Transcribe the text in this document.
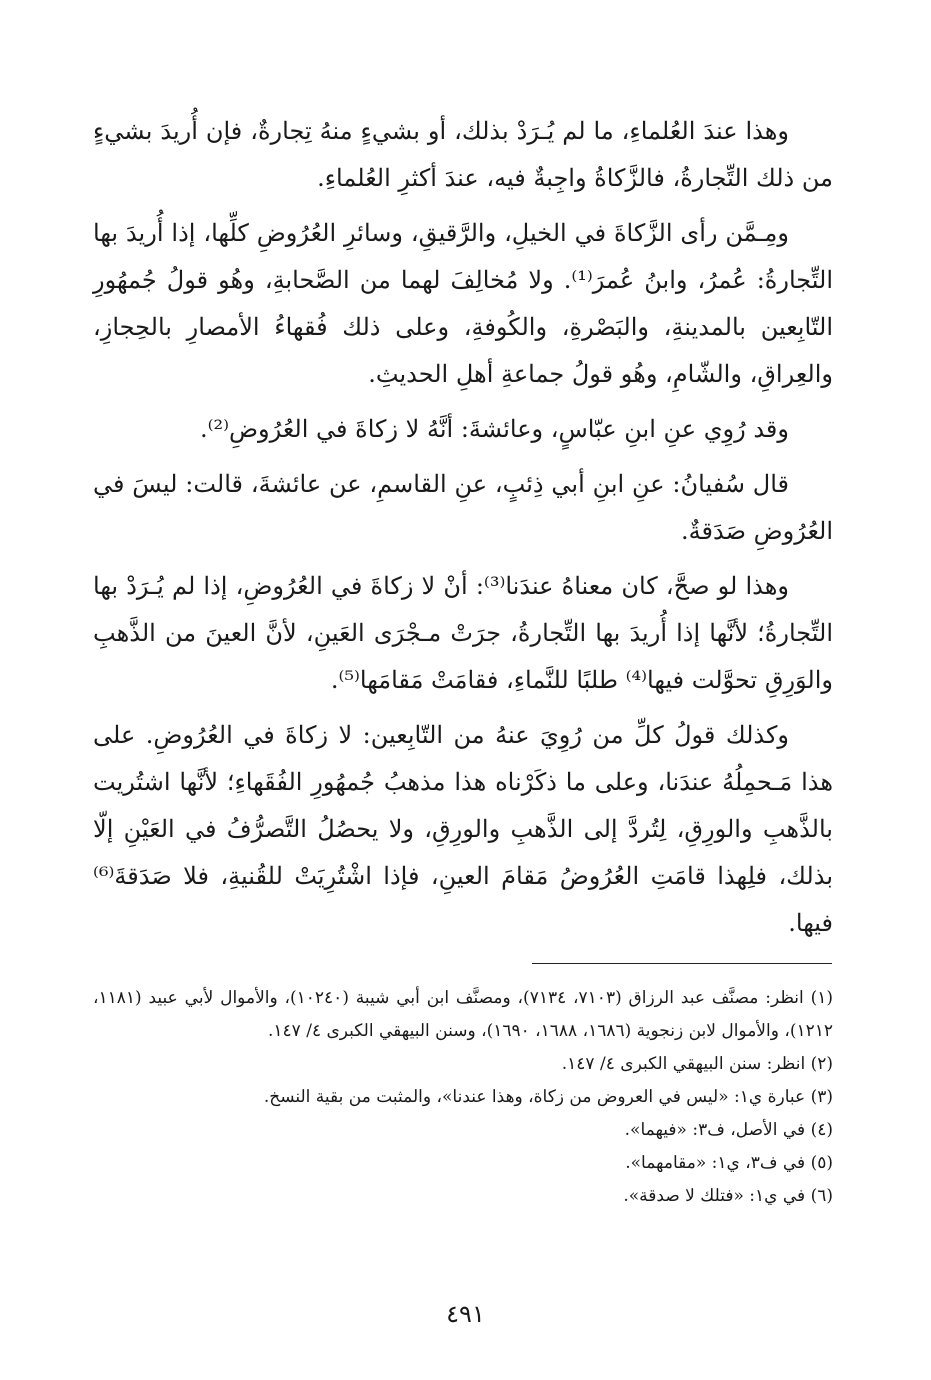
وهذا عندَ العُلماءِ، ما لم يُـرَدْ بذلك، أو بشيءٍ منهُ تِجارةٌ، فإن أُريدَ بشيءٍ من ذلك التِّجارةُ، فالزَّكاةُ واجِبةٌ فيه، عندَ أكثرِ العُلماءِ.

ومِـمَّن رأى الزَّكاةَ في الخيلِ، والرَّقيقِ، وسائرِ العُرُوضِ كلِّها، إذا أُريدَ بها التِّجارةُ: عُمرُ، وابنُ عُمرَ⁽¹⁾. ولا مُخالِفَ لهما من الصَّحابةِ، وهُو قولُ جُمهُورِ التّابِعين بالمدينةِ، والبَصْرةِ، والكُوفةِ، وعلى ذلك فُقهاءُ الأمصارِ بالحِجازِ، والعِراقِ، والشّامِ، وهُو قولُ جماعةِ أهلِ الحديثِ.

وقد رُوِي عنِ ابنِ عبّاسٍ، وعائشةَ: أنَّهُ لا زكاةَ في العُرُوضِ⁽²⁾.

قال سُفيانُ: عنِ ابنِ أبي ذِئبٍ، عنِ القاسمِ، عن عائشةَ، قالت: ليسَ في العُرُوضِ صَدَقةٌ.

وهذا لو صحَّ، كان معناهُ عندَنا⁽³⁾: أنْ لا زكاةَ في العُرُوضِ، إذا لم يُـرَدْ بها التِّجارةُ؛ لأنَّها إذا أُريدَ بها التِّجارةُ، جرَتْ مـجْرَى العَينِ، لأنَّ العينَ من الذَّهبِ والوَرِقِ تحوَّلت فيها⁽⁴⁾ طلبًا للنَّماءِ، فقامَتْ مَقامَها⁽⁵⁾.

وكذلك قولُ كلِّ من رُوِيَ عنهُ من التّابِعين: لا زكاةَ في العُرُوضِ. على هذا مَـحمِلُهُ عندَنا، وعلى ما ذكَرْناه هذا مذهبُ جُمهُورِ الفُقَهاءِ؛ لأنَّها اشتُريت بالذَّهبِ والورِقِ، لِتُردَّ إلى الذَّهبِ والورِقِ، ولا يحصُلُ التَّصرُّفُ في العَيْنِ إلّا بذلك، فلِهذا قامَتِ العُرُوضُ مَقامَ العينِ، فإذا اشْتُرِيَتْ للقُنيةِ، فلا صَدَقةَ⁽⁶⁾ فيها.

(١) انظر: مصنَّف عبد الرزاق (٧١٠٣، ٧١٣٤)، ومصنَّف ابن أبي شيبة (١٠٢٤٠)، والأموال لأبي عبيد (١١٨١، ١٢١٢)، والأموال لابن زنجوية (١٦٨٦، ١٦٨٨، ١٦٩٠)، وسنن البيهقي الكبرى ٤/ ١٤٧.

(٢) انظر: سنن البيهقي الكبرى ٤/ ١٤٧.

(٣) عبارة ي١: «ليس في العروض من زكاة، وهذا عندنا»، والمثبت من بقية النسخ.

(٤) في الأصل، ف٣: «فيهما».

(٥) في ف٣، ي١: «مقامهما».

(٦) في ي١: «فتلك لا صدقة».

٤٩١
